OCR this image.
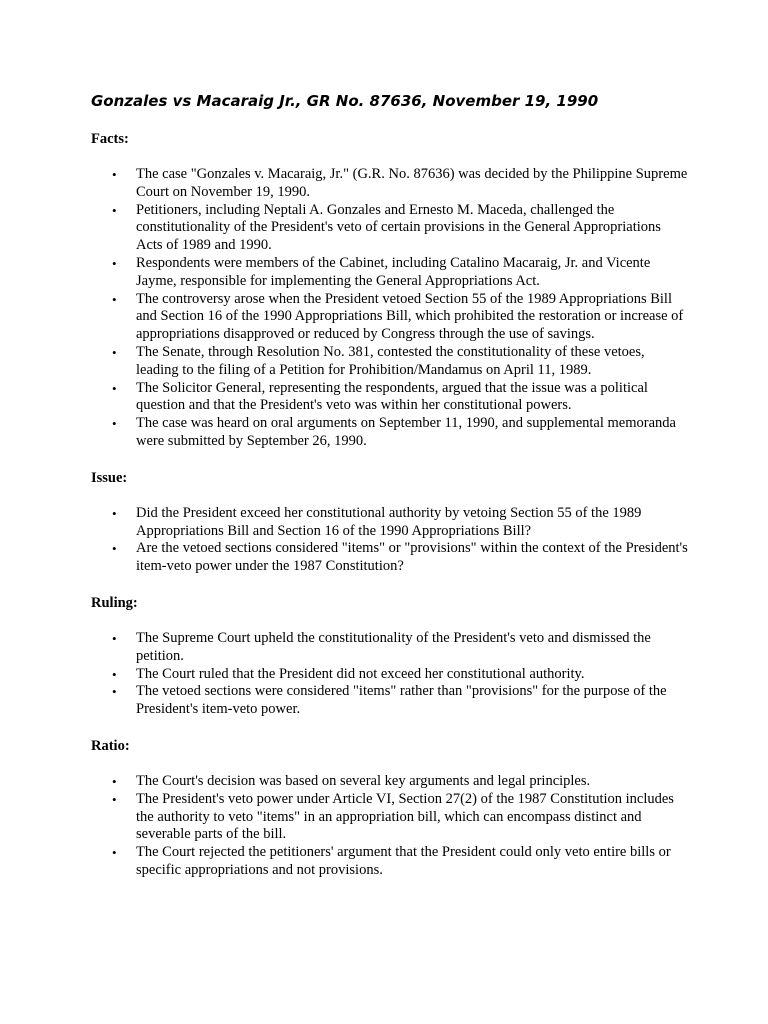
Gonzales vs Macaraig Jr., GR No. 87636, November 19, 1990
Facts:
• The case "Gonzales v. Macaraig, Jr." (G.R. No. 87636) was decided by the Philippine Supreme Court on November 19, 1990.
• Petitioners, including Neptali A. Gonzales and Ernesto M. Maceda, challenged the constitutionality of the President's veto of certain provisions in the General Appropriations Acts of 1989 and 1990.
• Respondents were members of the Cabinet, including Catalino Macaraig, Jr. and Vicente Jayme, responsible for implementing the General Appropriations Act.
• The controversy arose when the President vetoed Section 55 of the 1989 Appropriations Bill and Section 16 of the 1990 Appropriations Bill, which prohibited the restoration or increase of appropriations disapproved or reduced by Congress through the use of savings.
• The Senate, through Resolution No. 381, contested the constitutionality of these vetoes, leading to the filing of a Petition for Prohibition/Mandamus on April 11, 1989.
• The Solicitor General, representing the respondents, argued that the issue was a political question and that the President's veto was within her constitutional powers.
• The case was heard on oral arguments on September 11, 1990, and supplemental memoranda were submitted by September 26, 1990.
Issue:
• Did the President exceed her constitutional authority by vetoing Section 55 of the 1989 Appropriations Bill and Section 16 of the 1990 Appropriations Bill?
• Are the vetoed sections considered "items" or "provisions" within the context of the President's item-veto power under the 1987 Constitution?
Ruling:
• The Supreme Court upheld the constitutionality of the President's veto and dismissed the petition.
• The Court ruled that the President did not exceed her constitutional authority.
• The vetoed sections were considered "items" rather than "provisions" for the purpose of the President's item-veto power.
Ratio:
• The Court's decision was based on several key arguments and legal principles.
• The President's veto power under Article VI, Section 27(2) of the 1987 Constitution includes the authority to veto "items" in an appropriation bill, which can encompass distinct and severable parts of the bill.
• The Court rejected the petitioners' argument that the President could only veto entire bills or specific appropriations and not provisions.
